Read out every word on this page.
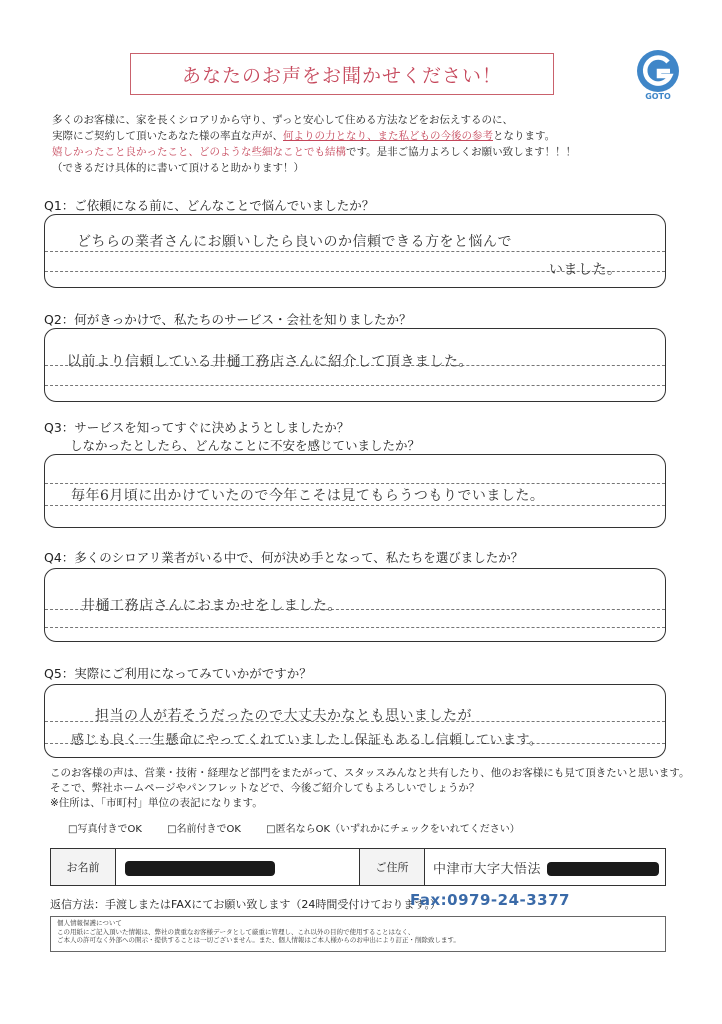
あなたのお声をお聞かせください！
GOTO
多くのお客様に、家を長くシロアリから守り、ずっと安心して住める方法などをお伝えするのに、
実際にご契約して頂いたあなた様の率直な声が、何よりの力となり、また私どもの今後の参考となります。
嬉しかったこと良かったこと、どのような些細なことでも結構です。是非ご協力よろしくお願い致します！！！
（できるだけ具体的に書いて頂けると助かります！）
Q1：ご依頼になる前に、どんなことで悩んでいましたか？
どちらの業者さんにお願いしたら良いのか信頼できる方をと悩んで
いました。
Q2：何がきっかけで、私たちのサービス・会社を知りましたか？
以前より信頼している井樋工務店さんに紹介して頂きました。
Q3：サービスを知ってすぐに決めようとしましたか？
しなかったとしたら、どんなことに不安を感じていましたか？
毎年6月頃に出かけていたので今年こそは見てもらうつもりでいました。
Q4：多くのシロアリ業者がいる中で、何が決め手となって、私たちを選びましたか？
井樋工務店さんにおまかせをしました。
Q5：実際にご利用になってみていかがですか？
担当の人が若そうだったので大丈夫かなとも思いましたが
感じも良く一生懸命にやってくれていましたし保証もあるし信頼しています。
このお客様の声は、営業・技術・経理など部門をまたがって、スタッスみんなと共有したり、他のお客様にも見て頂きたいと思います。
そこで、弊社ホームページやパンフレットなどで、今後ご紹介してもよろしいでしょうか？
※住所は、「市町村」単位の表記になります。
□写真付きでOK	□名前付きでOK	□匿名ならOK（いずれかにチェックをいれてください）
お名前	ご住所	中津市大字大悟法
返信方法：手渡しまたはFAXにてお願い致します（24時間受付けております。）
Fax:0979-24-3377
個人情報保護について
この用紙にご記入頂いた情報は、弊社の貴重なお客様データとして厳重に管理し、これ以外の目的で使用することはなく、
ご本人の許可なく外部への開示・提供することは一切ございません。また、個人情報はご本人様からのお申出により訂正・削除致します。
